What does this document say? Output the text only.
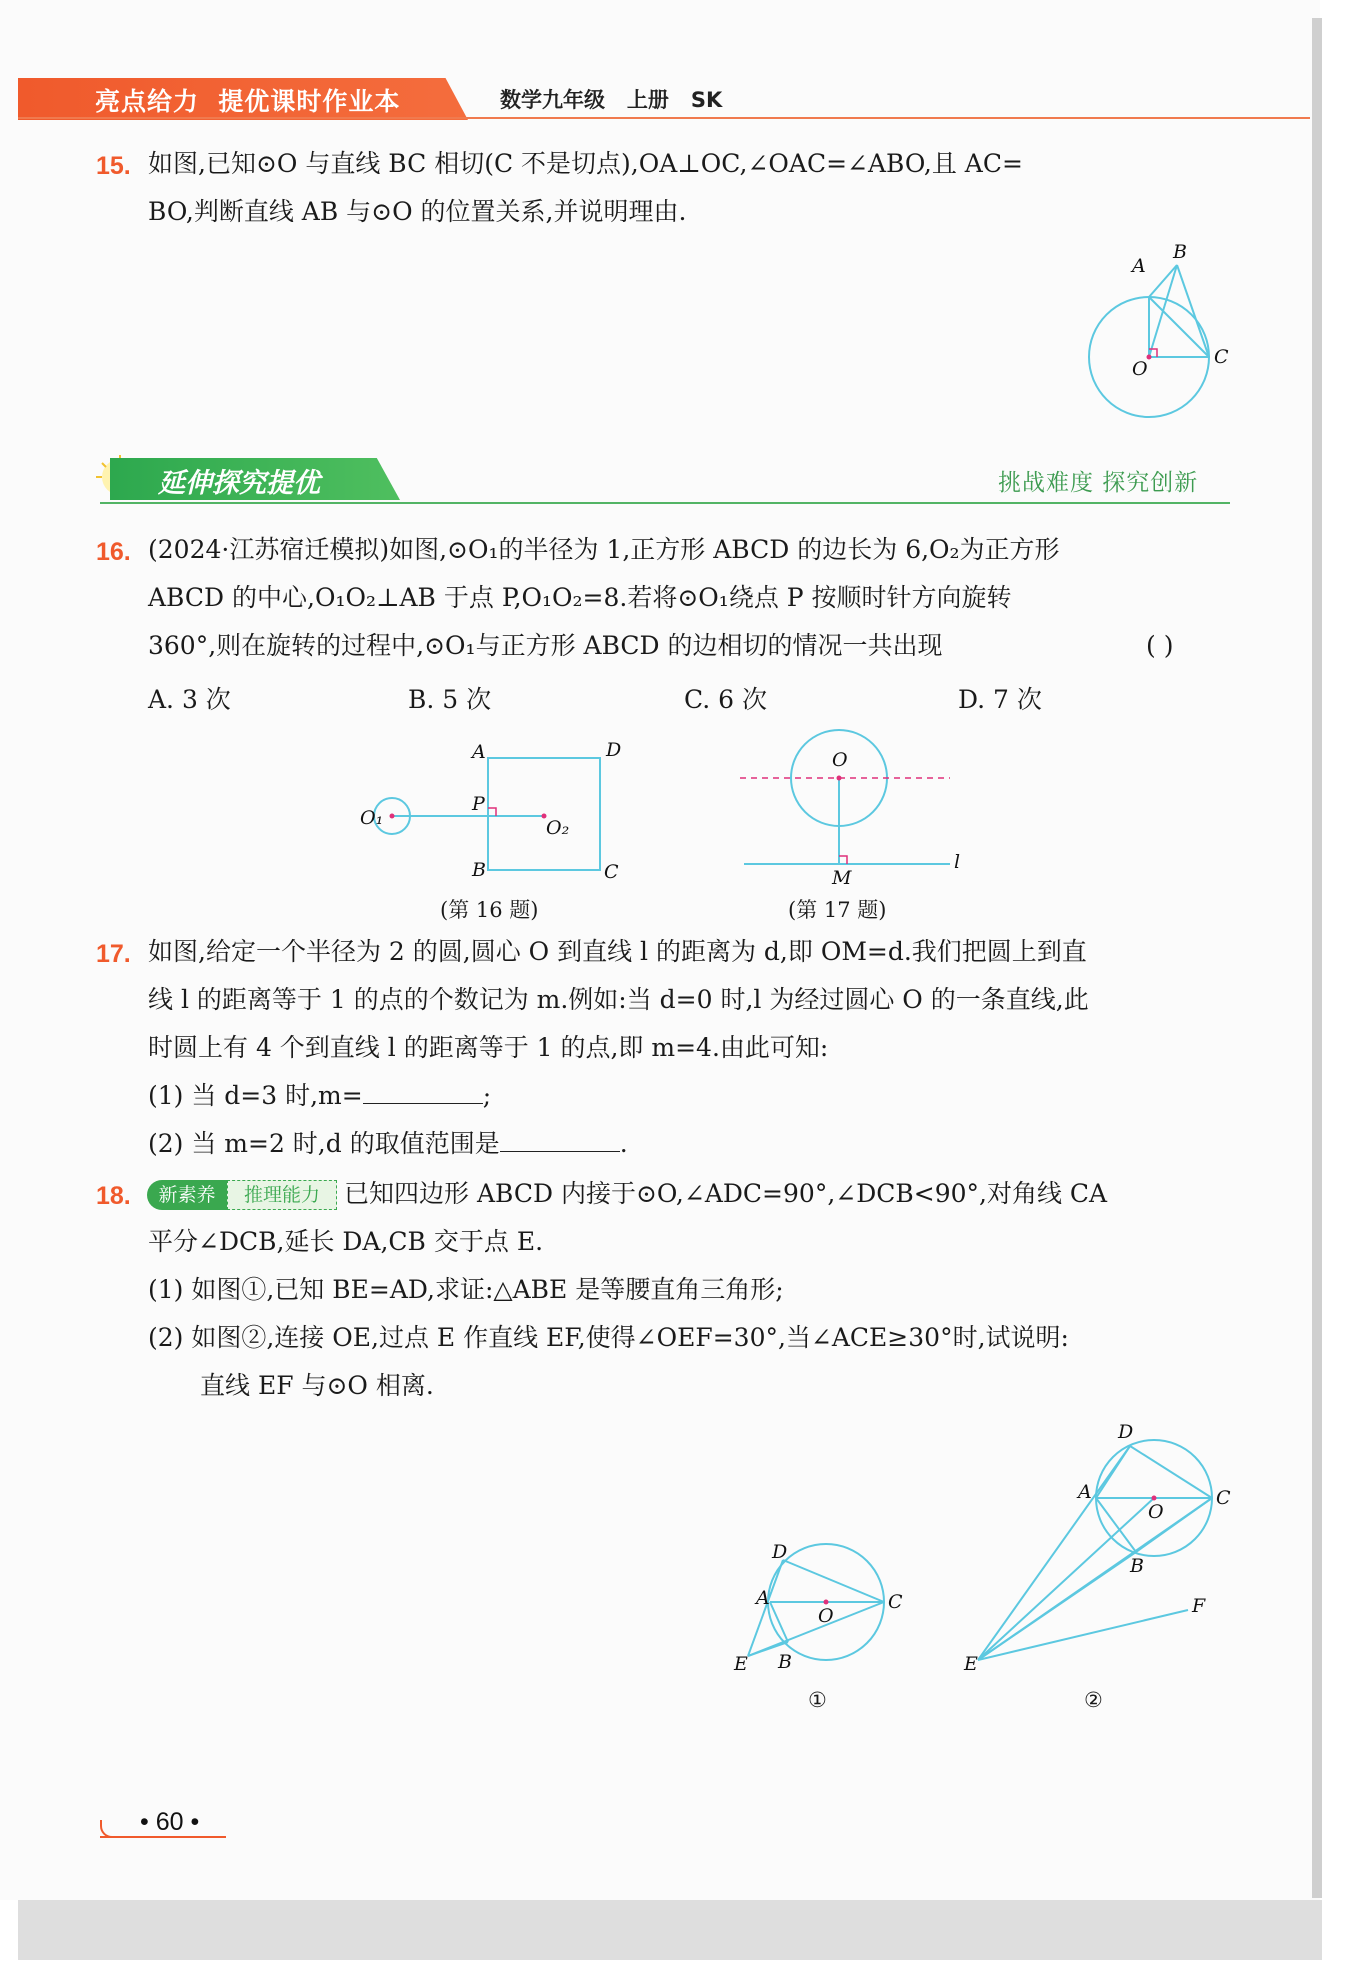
亮点给力  提优课时作业本	数学九年级   上册   SK
15. 如图,已知⊙O 与直线 BC 相切(C 不是切点),OA⊥OC,∠OAC=∠ABO,且 AC=
BO,判断直线 AB 与⊙O 的位置关系,并说明理由.
A
B
C
O
延伸探究提优	挑战难度 探究创新
16. (2024·江苏宿迁模拟)如图,⊙O₁的半径为 1,正方形 ABCD 的边长为 6,O₂为正方形
ABCD 的中心,O₁O₂⊥AB 于点 P,O₁O₂=8.若将⊙O₁绕点 P 按顺时针方向旋转
360°,则在旋转的过程中,⊙O₁与正方形 ABCD 的边相切的情况一共出现	( )
A. 3 次	B. 5 次	C. 6 次	D. 7 次
A	D
B	C
P
O₁	O₂
(第 16 题)
O
M
l
(第 17 题)
17. 如图,给定一个半径为 2 的圆,圆心 O 到直线 l 的距离为 d,即 OM=d.我们把圆上到直
线 l 的距离等于 1 的点的个数记为 m.例如:当 d=0 时,l 为经过圆心 O 的一条直线,此
时圆上有 4 个到直线 l 的距离等于 1 的点,即 m=4.由此可知:
(1) 当 d=3 时,m=	;
(2) 当 m=2 时,d 的取值范围是	.
18.	新素养	推理能力 已知四边形 ABCD 内接于⊙O,∠ADC=90°,∠DCB<90°,对角线 CA
平分∠DCB,延长 DA,CB 交于点 E.
(1) 如图①,已知 BE=AD,求证:△ABE 是等腰直角三角形;
(2) 如图②,连接 OE,过点 E 作直线 EF,使得∠OEF=30°,当∠ACE≥30°时,试说明:
直线 EF 与⊙O 相离.
D
A	C
O
E B
①
D
A	C
O
B
F
E
②
• 60 •
